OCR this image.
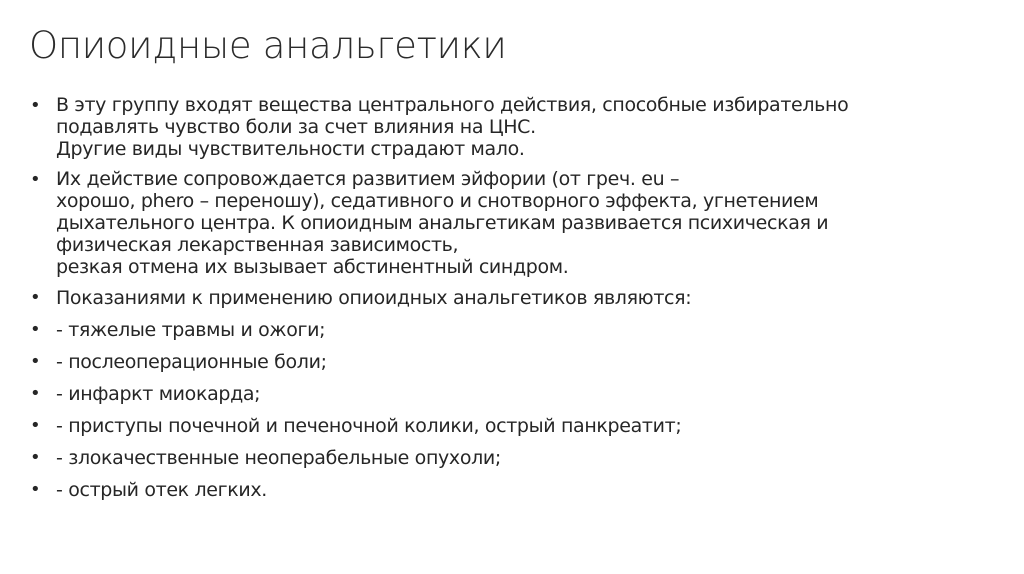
Опиоидные анальгетики
• В эту группу входят вещества центрального действия, способные избирательно
подавлять чувство боли за счет влияния на ЦНС.
Другие виды чувствительности страдают мало.
• Их действие сопровождается развитием эйфории (от греч. eu –
хорошо, phero – переношу), седативного и снотворного эффекта, угнетением
дыхательного центра. К опиоидным анальгетикам развивается психическая и
физическая лекарственная зависимость,
резкая отмена их вызывает абстинентный синдром.
• Показаниями к применению опиоидных анальгетиков являются:
• - тяжелые травмы и ожоги;
• - послеоперационные боли;
• - инфаркт миокарда;
• - приступы почечной и печеночной колики, острый панкреатит;
• - злокачественные неоперабельные опухоли;
• - острый отек легких.
